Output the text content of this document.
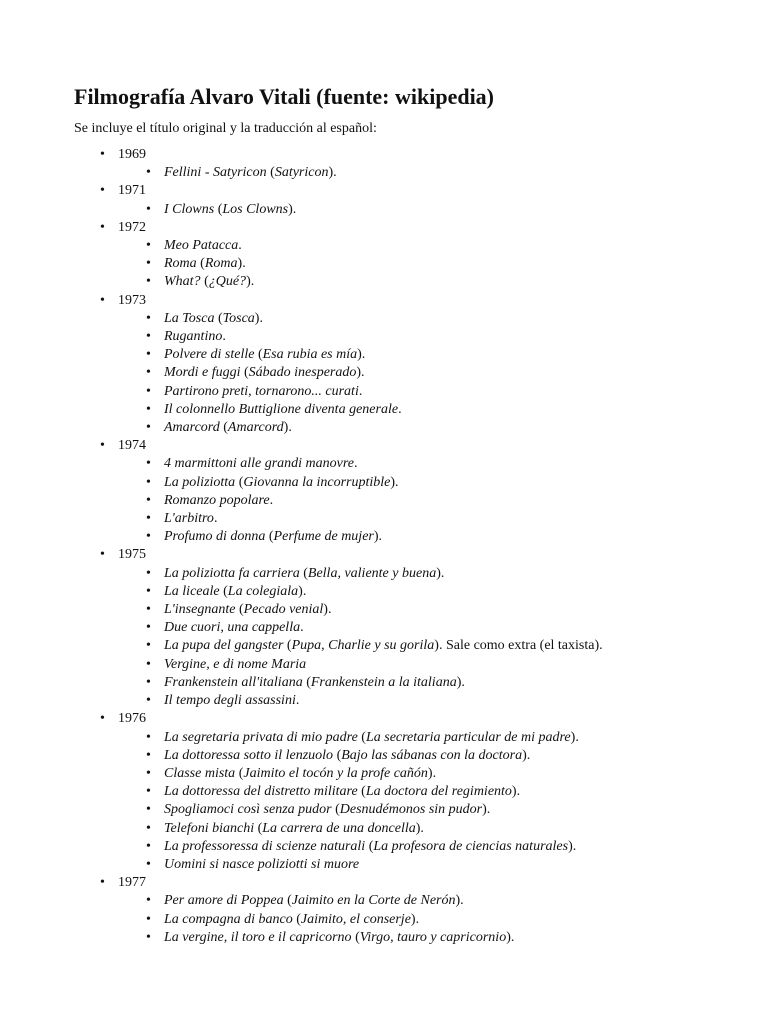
Filmografía Alvaro Vitali (fuente: wikipedia)

Se incluye el título original y la traducción al español:

• 1969
• Fellini - Satyricon (Satyricon).
• 1971
• I Clowns (Los Clowns).
• 1972
• Meo Patacca.
• Roma (Roma).
• What? (¿Qué?).
• 1973
• La Tosca (Tosca).
• Rugantino.
• Polvere di stelle (Esa rubia es mía).
• Mordi e fuggi (Sábado inesperado).
• Partirono preti, tornarono... curati.
• Il colonnello Buttiglione diventa generale.
• Amarcord (Amarcord).
• 1974
• 4 marmittoni alle grandi manovre.
• La poliziotta (Giovanna la incorruptible).
• Romanzo popolare.
• L'arbitro.
• Profumo di donna (Perfume de mujer).
• 1975
• La poliziotta fa carriera (Bella, valiente y buena).
• La liceale (La colegiala).
• L'insegnante (Pecado venial).
• Due cuori, una cappella.
• La pupa del gangster (Pupa, Charlie y su gorila). Sale como extra (el taxista).
• Vergine, e di nome Maria
• Frankenstein all'italiana (Frankenstein a la italiana).
• Il tempo degli assassini.
• 1976
• La segretaria privata di mio padre (La secretaria particular de mi padre).
• La dottoressa sotto il lenzuolo (Bajo las sábanas con la doctora).
• Classe mista (Jaimito el tocón y la profe cañón).
• La dottoressa del distretto militare (La doctora del regimiento).
• Spogliamoci così senza pudor (Desnudémonos sin pudor).
• Telefoni bianchi (La carrera de una doncella).
• La professoressa di scienze naturali (La profesora de ciencias naturales).
• Uomini si nasce poliziotti si muore
• 1977
• Per amore di Poppea (Jaimito en la Corte de Nerón).
• La compagna di banco (Jaimito, el conserje).
• La vergine, il toro e il capricorno (Virgo, tauro y capricornio).
